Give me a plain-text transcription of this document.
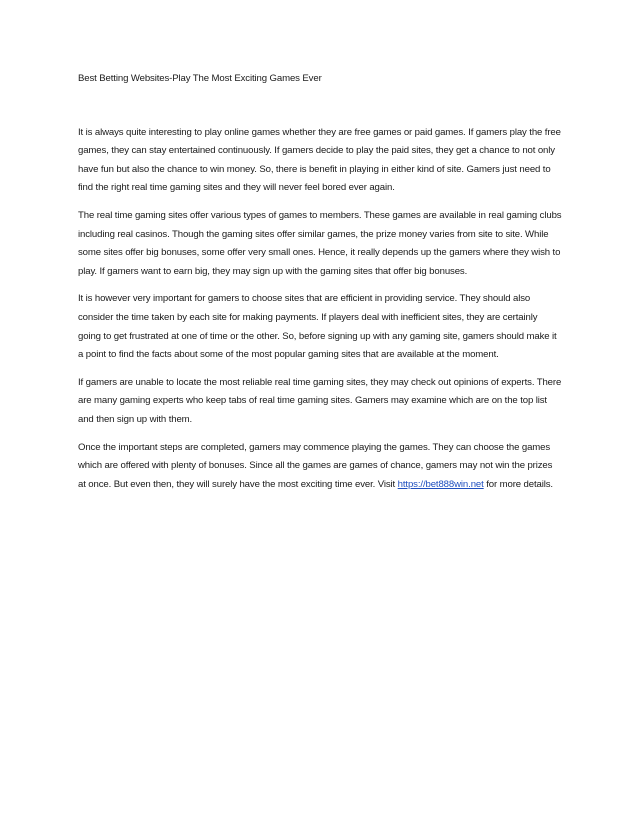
Best Betting Websites-Play The Most Exciting Games Ever

It is always quite interesting to play online games whether they are free games or paid games. If gamers play the free games, they can stay entertained continuously. If gamers decide to play the paid sites, they get a chance to not only have fun but also the chance to win money. So, there is benefit in playing in either kind of site. Gamers just need to find the right real time gaming sites and they will never feel bored ever again.

The real time gaming sites offer various types of games to members. These games are available in real gaming clubs including real casinos. Though the gaming sites offer similar games, the prize money varies from site to site. While some sites offer big bonuses, some offer very small ones. Hence, it really depends up the gamers where they wish to play. If gamers want to earn big, they may sign up with the gaming sites that offer big bonuses.

It is however very important for gamers to choose sites that are efficient in providing service. They should also consider the time taken by each site for making payments. If players deal with inefficient sites, they are certainly going to get frustrated at one of time or the other. So, before signing up with any gaming site, gamers should make it a point to find the facts about some of the most popular gaming sites that are available at the moment.

If gamers are unable to locate the most reliable real time gaming sites, they may check out opinions of experts. There are many gaming experts who keep tabs of real time gaming sites. Gamers may examine which are on the top list and then sign up with them.

Once the important steps are completed, gamers may commence playing the games. They can choose the games which are offered with plenty of bonuses. Since all the games are games of chance, gamers may not win the prizes at once. But even then, they will surely have the most exciting time ever. Visit https://bet888win.net for more details.
